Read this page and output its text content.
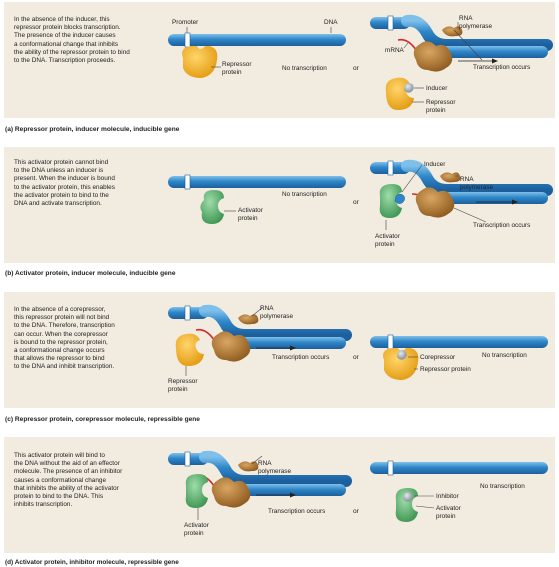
In the absence of the inducer, this
repressor protein blocks transcription.
The presence of the inducer causes
a conformational change that inhibits
the ability of the repressor protein to bind
to the DNA. Transcription proceeds.
(a) Repressor protein, inducer molecule, inducible gene
This activator protein cannot bind
to the DNA unless an inducer is
present. When the inducer is bound
to the activator protein, this enables
the activator protein to bind to the
DNA and activate transcription.
(b) Activator protein, inducer molecule, inducible gene
In the absence of a corepressor,
this repressor protein will not bind
to the DNA. Therefore, transcription
can occur. When the corepressor
is bound to the repressor protein,
a conformational change occurs
that allows the repressor to bind
to the DNA and inhibit transcription.
(c) Repressor protein, corepressor molecule, repressible gene
This activator protein will bind to
the DNA without the aid of an effector
molecule. The presence of an inhibitor
causes a conformational change
that inhibits the ability of the activator
protein to bind to the DNA. This
inhibits transcription.
(d) Activator protein, inhibitor molecule, repressible gene
Promoter	DNA
Repressor
protein
No transcription	or
RNA
polymerase
mRNA
Transcription occurs
Inducer
Repressor
protein
No transcription
Activator
protein
or
Inducer
RNA
polymerase
Activator
protein
Transcription occurs
RNA
polymerase
Transcription occurs	or
Repressor
protein
Corepressor
Repressor protein
No transcription
RNA
polymerase
Activator
protein
Transcription occurs	or
No transcription
Inhibitor
Activator
protein
